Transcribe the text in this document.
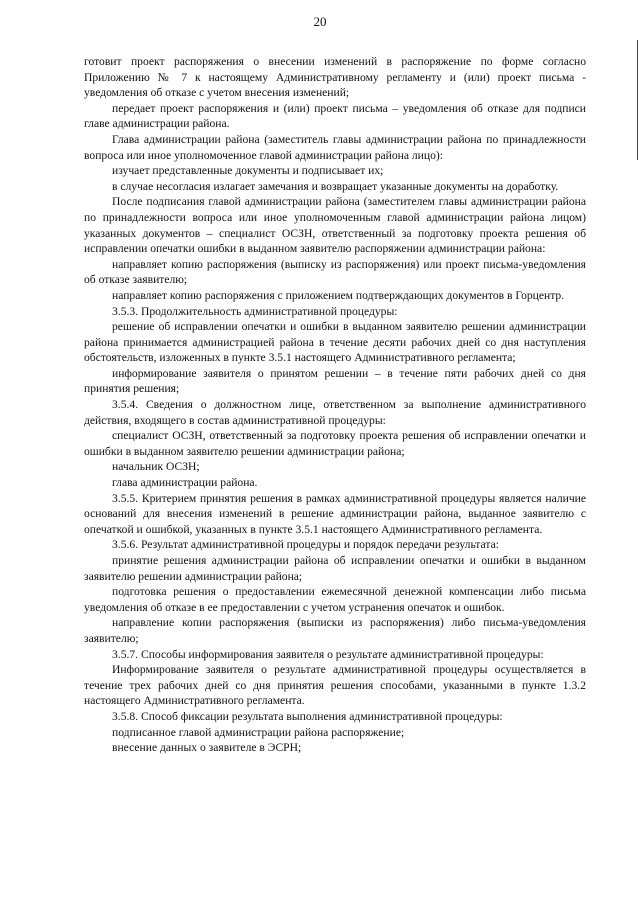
20

готовит проект распоряжения о внесении изменений в распоряжение по форме согласно Приложению № 7 к настоящему Административному регламенту и (или) проект письма - уведомления об отказе с учетом внесения изменений;

передает проект распоряжения и (или) проект письма – уведомления об отказе для подписи главе администрации района.

Глава администрации района (заместитель главы администрации района по принадлежности вопроса или иное уполномоченное главой администрации района лицо):

изучает представленные документы и подписывает их;

в случае несогласия излагает замечания и возвращает указанные документы на доработку.

После подписания главой администрации района (заместителем главы администрации района по принадлежности вопроса или иное уполномоченным главой администрации района лицом) указанных документов – специалист ОСЗН, ответственный за подготовку проекта решения об исправлении опечатки ошибки в выданном заявителю распоряжении администрации района:

направляет копию распоряжения (выписку из распоряжения) или проект письма-уведомления об отказе заявителю;

направляет копию распоряжения с приложением подтверждающих документов в Горцентр.

3.5.3. Продолжительность административной процедуры:

решение об исправлении опечатки и ошибки в выданном заявителю решении администрации района принимается администрацией района в течение десяти рабочих дней со дня наступления обстоятельств, изложенных в пункте 3.5.1 настоящего Административного регламента;

информирование заявителя о принятом решении – в течение пяти рабочих дней со дня принятия решения;

3.5.4. Сведения о должностном лице, ответственном за выполнение административного действия, входящего в состав административной процедуры:

специалист ОСЗН, ответственный за подготовку проекта решения об исправлении опечатки и ошибки в выданном заявителю решении администрации района;

начальник ОСЗН;

глава администрации района.

3.5.5. Критерием принятия решения в рамках административной процедуры является наличие оснований для внесения изменений в решение администрации района, выданное заявителю с опечаткой и ошибкой, указанных в пункте 3.5.1 настоящего Административного регламента.

3.5.6. Результат административной процедуры и порядок передачи результата:

принятие решения администрации района об исправлении опечатки и ошибки в выданном заявителю решении администрации района;

подготовка решения о предоставлении ежемесячной денежной компенсации либо письма уведомления об отказе в ее предоставлении с учетом устранения опечаток и ошибок.

направление копии распоряжения (выписки из распоряжения) либо письма-уведомления заявителю;

3.5.7. Способы информирования заявителя о результате административной процедуры:

Информирование заявителя о результате административной процедуры осуществляется в течение трех рабочих дней со дня принятия решения способами, указанными в пункте 1.3.2 настоящего Административного регламента.

3.5.8. Способ фиксации результата выполнения административной процедуры:

подписанное главой администрации района распоряжение;

внесение данных о заявителе в ЭСРН;
